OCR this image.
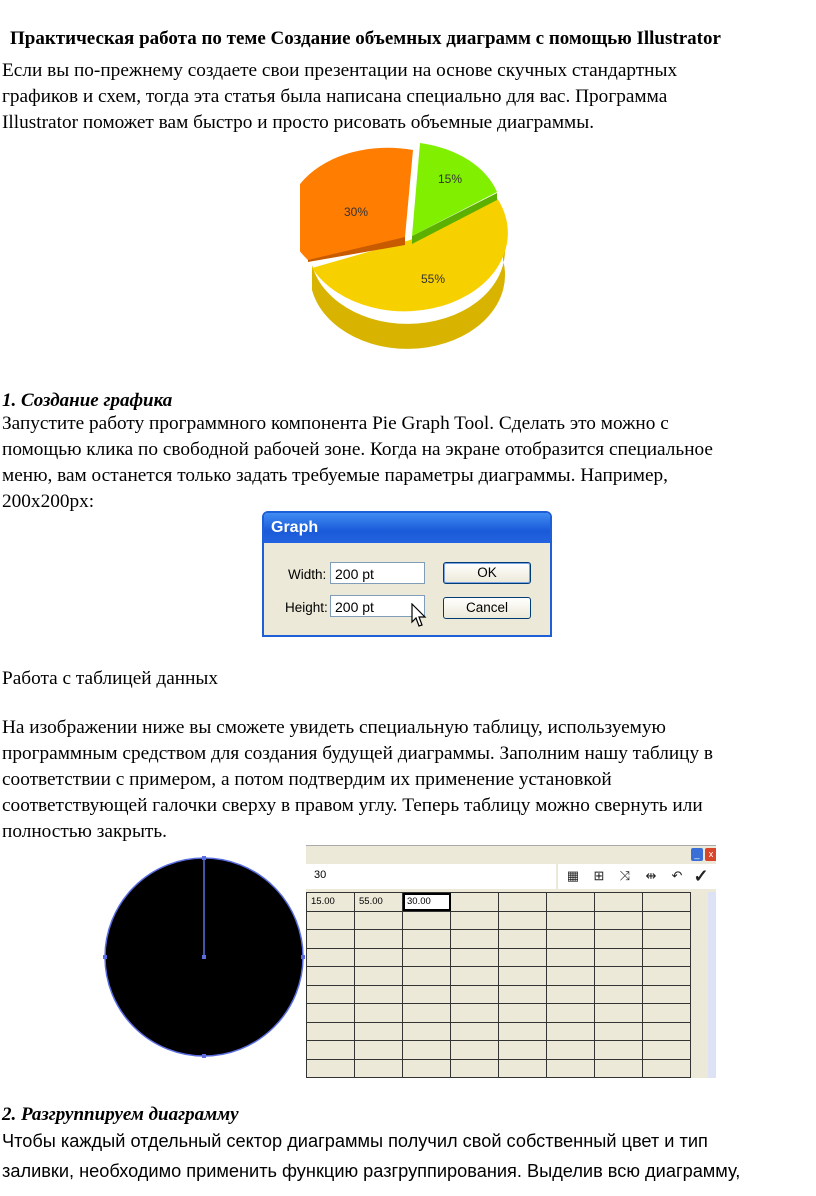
Практическая работа по теме Создание объемных диаграмм с помощью Illustrator
Если вы по-прежнему создаете свои презентации на основе скучных стандартных
графиков и схем, тогда эта статья была написана специально для вас. Программа
Illustrator поможет вам быстро и просто рисовать объемные диаграммы.
15%
30%
55%
1. Создание графика
Запустите работу программного компонента Pie Graph Tool. Сделать это можно с
помощью клика по свободной рабочей зоне. Когда на экране отобразится специальное
меню, вам останется только задать требуемые параметры диаграммы. Например,
200x200px:
Graph
Width: 200 pt
Height: 200 pt
OK
Cancel
Работа с таблицей данных
На изображении ниже вы сможете увидеть специальную таблицу, используемую
программным средством для создания будущей диаграммы. Заполним нашу таблицу в
соответствии с примером, а потом подтвердим их применение установкой
соответствующей галочки сверху в правом углу. Теперь таблицу можно свернуть или
полностью закрыть.
_	x
30	▦	⊞	⤨	⇹	↶ ✓
15.00	55.00	30.00					

2. Разгруппируем диаграмму
Чтобы каждый отдельный сектор диаграммы получил свой собственный цвет и тип
заливки, необходимо применить функцию разгруппирования. Выделив всю диаграмму,
